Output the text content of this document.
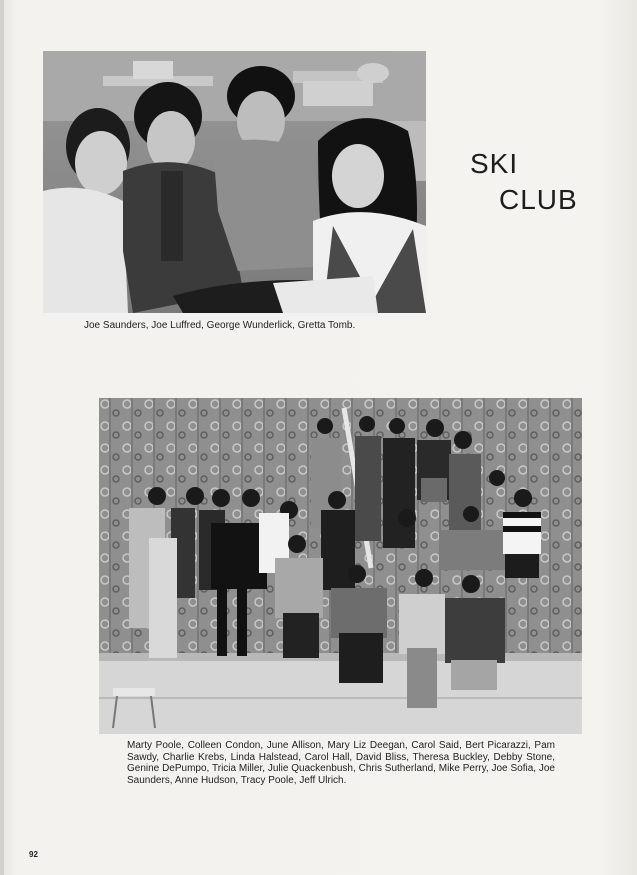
SKI
CLUB
Joe Saunders, Joe Luffred, George Wunderlick, Gretta Tomb.
Marty Poole, Colleen Condon, June Allison, Mary Liz Deegan, Carol Said, Bert Picarazzi, Pam Sawdy, Charlie Krebs, Linda Halstead, Carol Hall, David Bliss, Theresa Buckley, Debby Stone, Genine DePumpo, Tricia Miller, Julie Quackenbush, Chris Sutherland, Mike Perry, Joe Sofia, Joe Saunders, Anne Hudson, Tracy Poole, Jeff Ulrich.
92
